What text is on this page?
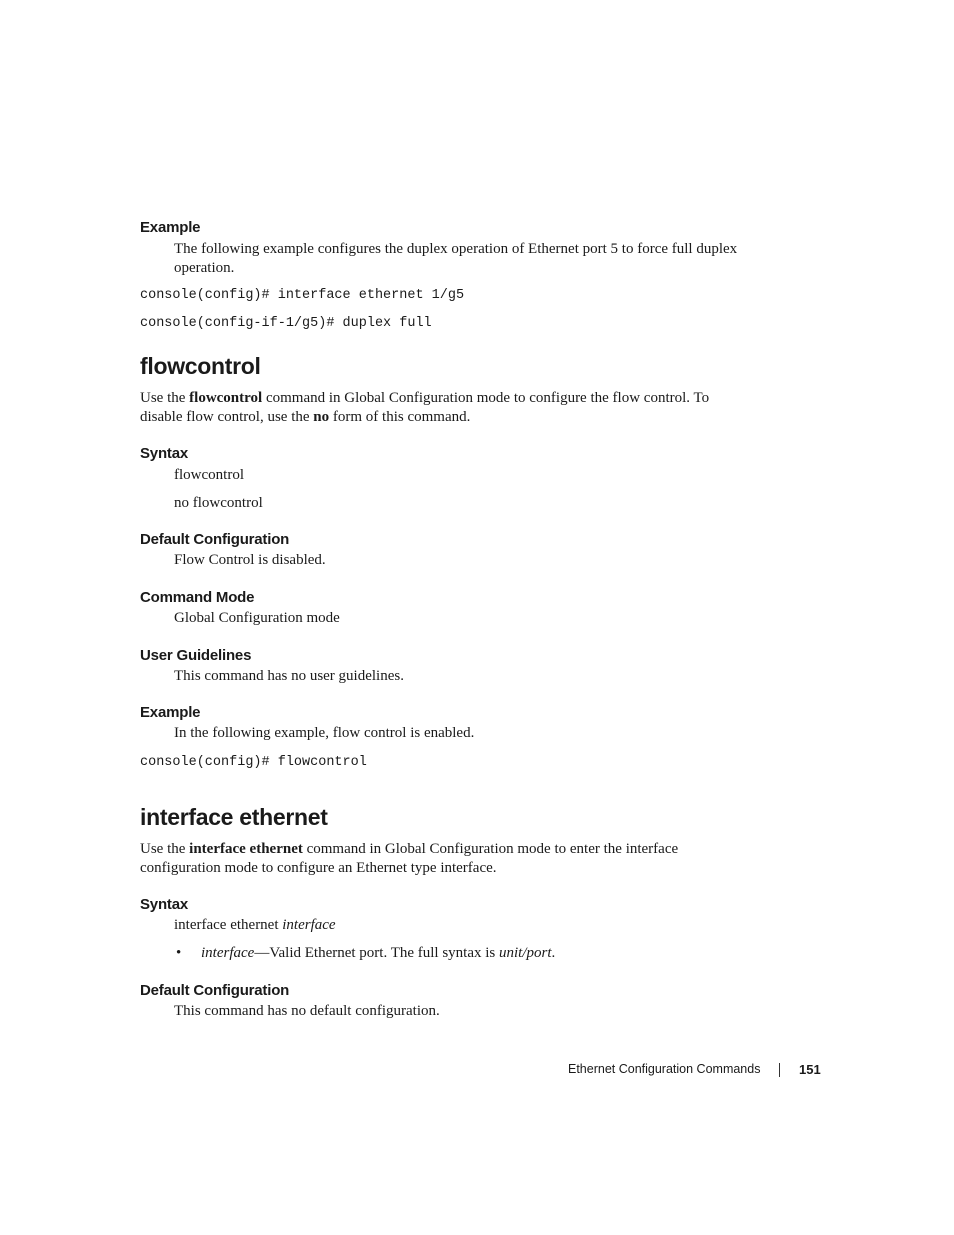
Example
The following example configures the duplex operation of Ethernet port 5 to force full duplex
operation.
console(config)# interface ethernet 1/g5
console(config-if-1/g5)# duplex full
flowcontrol
Use the flowcontrol command in Global Configuration mode to configure the flow control. To
disable flow control, use the no form of this command.
Syntax
flowcontrol
no flowcontrol
Default Configuration
Flow Control is disabled.
Command Mode
Global Configuration mode
User Guidelines
This command has no user guidelines.
Example
In the following example, flow control is enabled.
console(config)# flowcontrol
interface ethernet
Use the interface ethernet command in Global Configuration mode to enter the interface
configuration mode to configure an Ethernet type interface.
Syntax
interface ethernet interface
• interface—Valid Ethernet port. The full syntax is unit/port.
Default Configuration
This command has no default configuration.
Ethernet Configuration Commands	151
